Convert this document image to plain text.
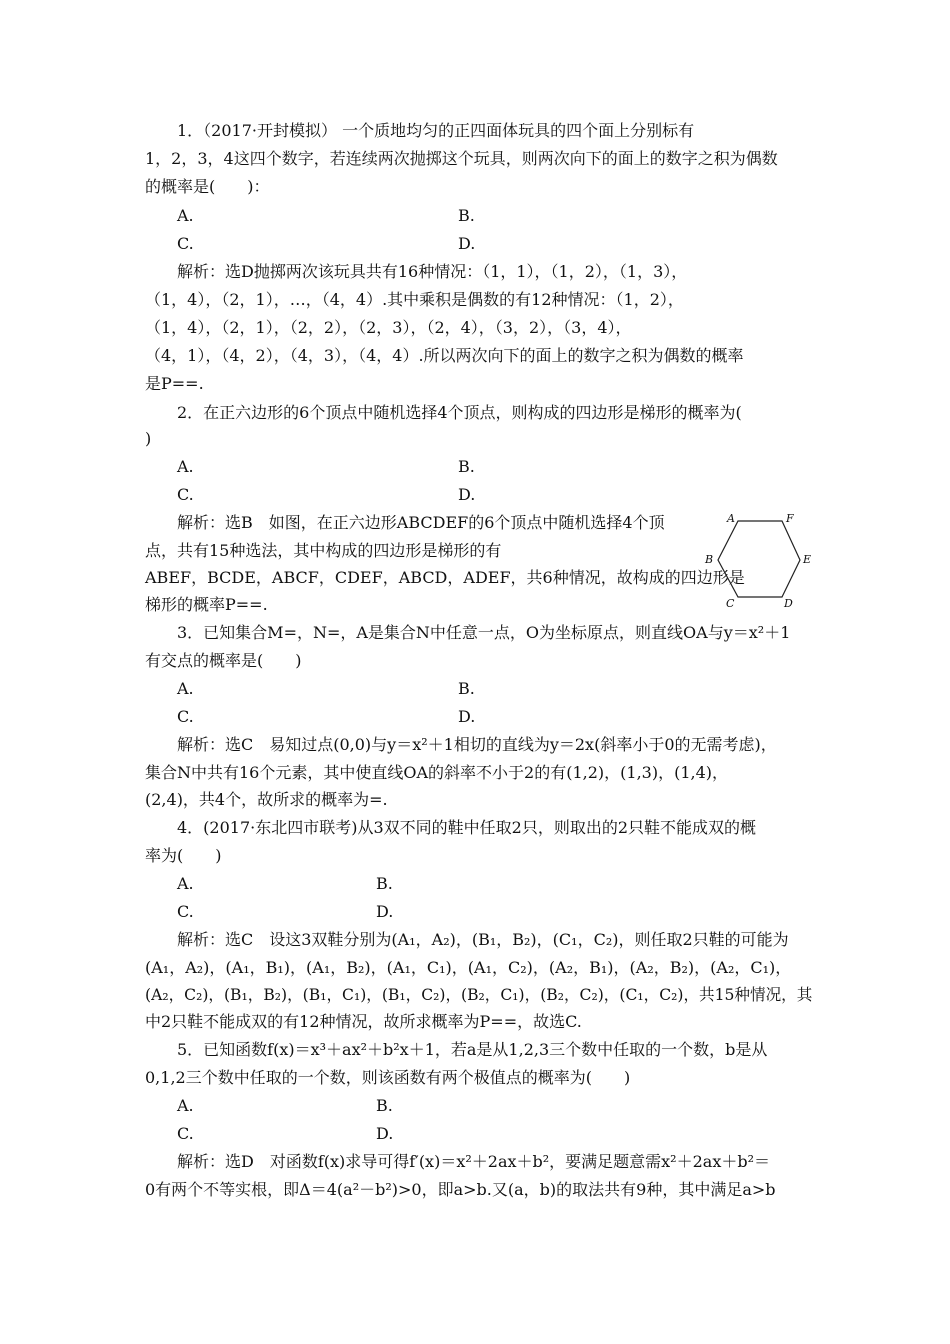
1．（2017·开封模拟） 一个质地均匀的正四面体玩具的四个面上分别标有
1，2，3，4这四个数字，若连续两次抛掷这个玩具，则两次向下的面上的数字之积为偶数
的概率是(　　)：
A.	B.
C.	D.
解析：选D抛掷两次该玩具共有16种情况：（1，1），（1，2），（1，3），
（1，4），（2，1），…，（4，4）.其中乘积是偶数的有12种情况：（1，2），
（1，4），（2，1），（2，2），（2，3），（2，4），（3，2），（3，4），
（4，1），（4，2），（4，3），（4，4）.所以两次向下的面上的数字之积为偶数的概率
是P==.
2．在正六边形的6个顶点中随机选择4个顶点，则构成的四边形是梯形的概率为(
)
A.	B.
C.	D.
解析：选B　如图，在正六边形ABCDEF的6个顶点中随机选择4个顶
点，共有15种选法，其中构成的四边形是梯形的有
ABEF，BCDE，ABCF，CDEF，ABCD，ADEF，共6种情况，故构成的四边形是
梯形的概率P==.
A	F
B	E
C	D
3．已知集合M=，N=，A是集合N中任意一点，O为坐标原点，则直线OA与y＝x²＋1
有交点的概率是(　　)
A.	B.
C.	D.
解析：选C　易知过点(0,0)与y＝x²＋1相切的直线为y＝2x(斜率小于0的无需考虑)，
集合N中共有16个元素，其中使直线OA的斜率不小于2的有(1,2)，(1,3)，(1,4)，
(2,4)，共4个，故所求的概率为=.
4．(2017·东北四市联考)从3双不同的鞋中任取2只，则取出的2只鞋不能成双的概
率为(　　)
A.	B.
C.	D.
解析：选C　设这3双鞋分别为(A₁，A₂)，(B₁，B₂)，(C₁，C₂)，则任取2只鞋的可能为
(A₁，A₂)，(A₁，B₁)，(A₁，B₂)，(A₁，C₁)，(A₁，C₂)，(A₂，B₁)，(A₂，B₂)，(A₂，C₁)，
(A₂，C₂)，(B₁，B₂)，(B₁，C₁)，(B₁，C₂)，(B₂，C₁)，(B₂，C₂)，(C₁，C₂)，共15种情况，其
中2只鞋不能成双的有12种情况，故所求概率为P==，故选C.
5．已知函数f(x)＝x³＋ax²＋b²x＋1，若a是从1,2,3三个数中任取的一个数，b是从
0,1,2三个数中任取的一个数，则该函数有两个极值点的概率为(　　)
A.	B.
C.	D.
解析：选D　对函数f(x)求导可得f′(x)＝x²＋2ax＋b²，要满足题意需x²＋2ax＋b²＝
0有两个不等实根，即Δ＝4(a²－b²)>0，即a>b.又(a，b)的取法共有9种，其中满足a>b
